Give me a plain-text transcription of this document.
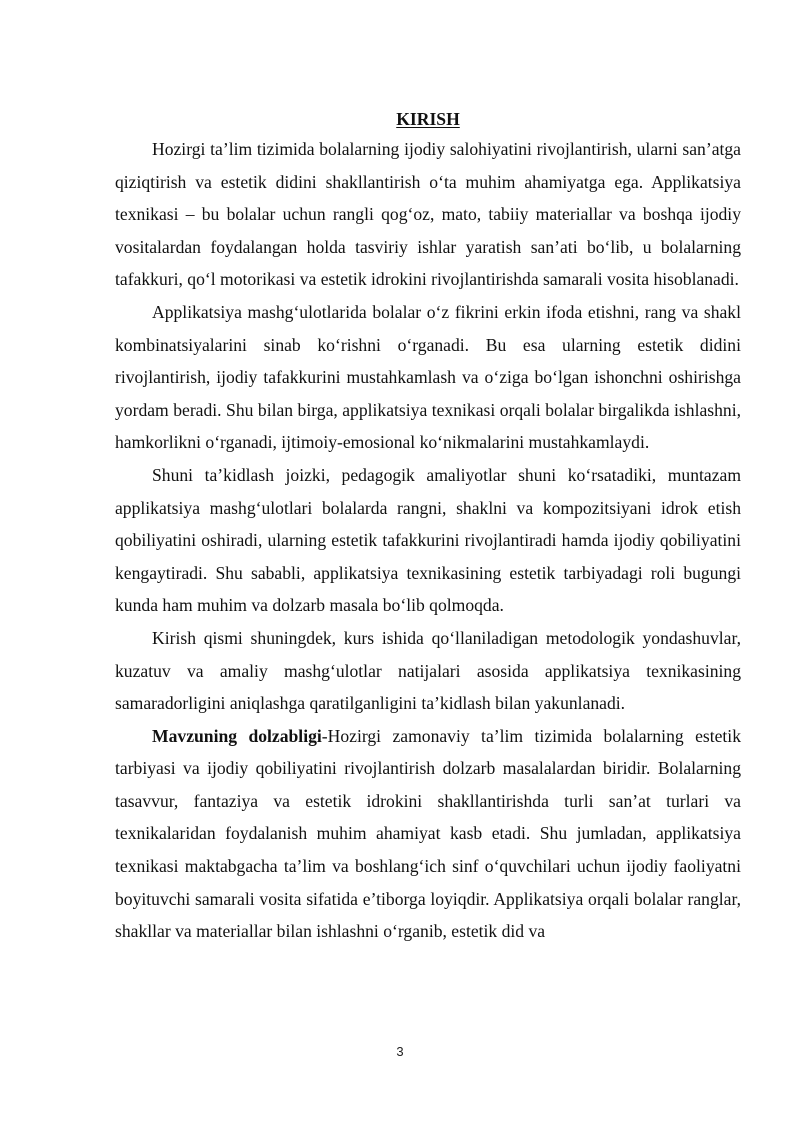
KIRISH

Hozirgi ta’lim tizimida bolalarning ijodiy salohiyatini rivojlantirish, ularni san’atga qiziqtirish va estetik didini shakllantirish o‘ta muhim ahamiyatga ega. Applikatsiya texnikasi – bu bolalar uchun rangli qog‘oz, mato, tabiiy materiallar va boshqa ijodiy vositalardan foydalangan holda tasviriy ishlar yaratish san’ati bo‘lib, u bolalarning tafakkuri, qo‘l motorikasi va estetik idrokini rivojlantirishda samarali vosita hisoblanadi.

Applikatsiya mashg‘ulotlarida bolalar o‘z fikrini erkin ifoda etishni, rang va shakl kombinatsiyalarini sinab ko‘rishni o‘rganadi. Bu esa ularning estetik didini rivojlantirish, ijodiy tafakkurini mustahkamlash va o‘ziga bo‘lgan ishonchni oshirishga yordam beradi. Shu bilan birga, applikatsiya texnikasi orqali bolalar birgalikda ishlashni, hamkorlikni o‘rganadi, ijtimoiy-emosional ko‘nikmalarini mustahkamlaydi.

Shuni ta’kidlash joizki, pedagogik amaliyotlar shuni ko‘rsatadiki, muntazam applikatsiya mashg‘ulotlari bolalarda rangni, shaklni va kompozitsiyani idrok etish qobiliyatini oshiradi, ularning estetik tafakkurini rivojlantiradi hamda ijodiy qobiliyatini kengaytiradi. Shu sababli, applikatsiya texnikasining estetik tarbiyadagi roli bugungi kunda ham muhim va dolzarb masala bo‘lib qolmoqda.

Kirish qismi shuningdek, kurs ishida qo‘llaniladigan metodologik yondashuvlar, kuzatuv va amaliy mashg‘ulotlar natijalari asosida applikatsiya texnikasining samaradorligini aniqlashga qaratilganligini ta’kidlash bilan yakunlanadi.

Mavzuning dolzabligi-Hozirgi zamonaviy ta’lim tizimida bolalarning estetik tarbiyasi va ijodiy qobiliyatini rivojlantirish dolzarb masalalardan biridir. Bolalarning tasavvur, fantaziya va estetik idrokini shakllantirishda turli san’at turlari va texnikalaridan foydalanish muhim ahamiyat kasb etadi. Shu jumladan, applikatsiya texnikasi maktabgacha ta’lim va boshlang‘ich sinf o‘quvchilari uchun ijodiy faoliyatni boyituvchi samarali vosita sifatida e’tiborga loyiqdir. Applikatsiya orqali bolalar ranglar, shakllar va materiallar bilan ishlashni o‘rganib, estetik did va

3
